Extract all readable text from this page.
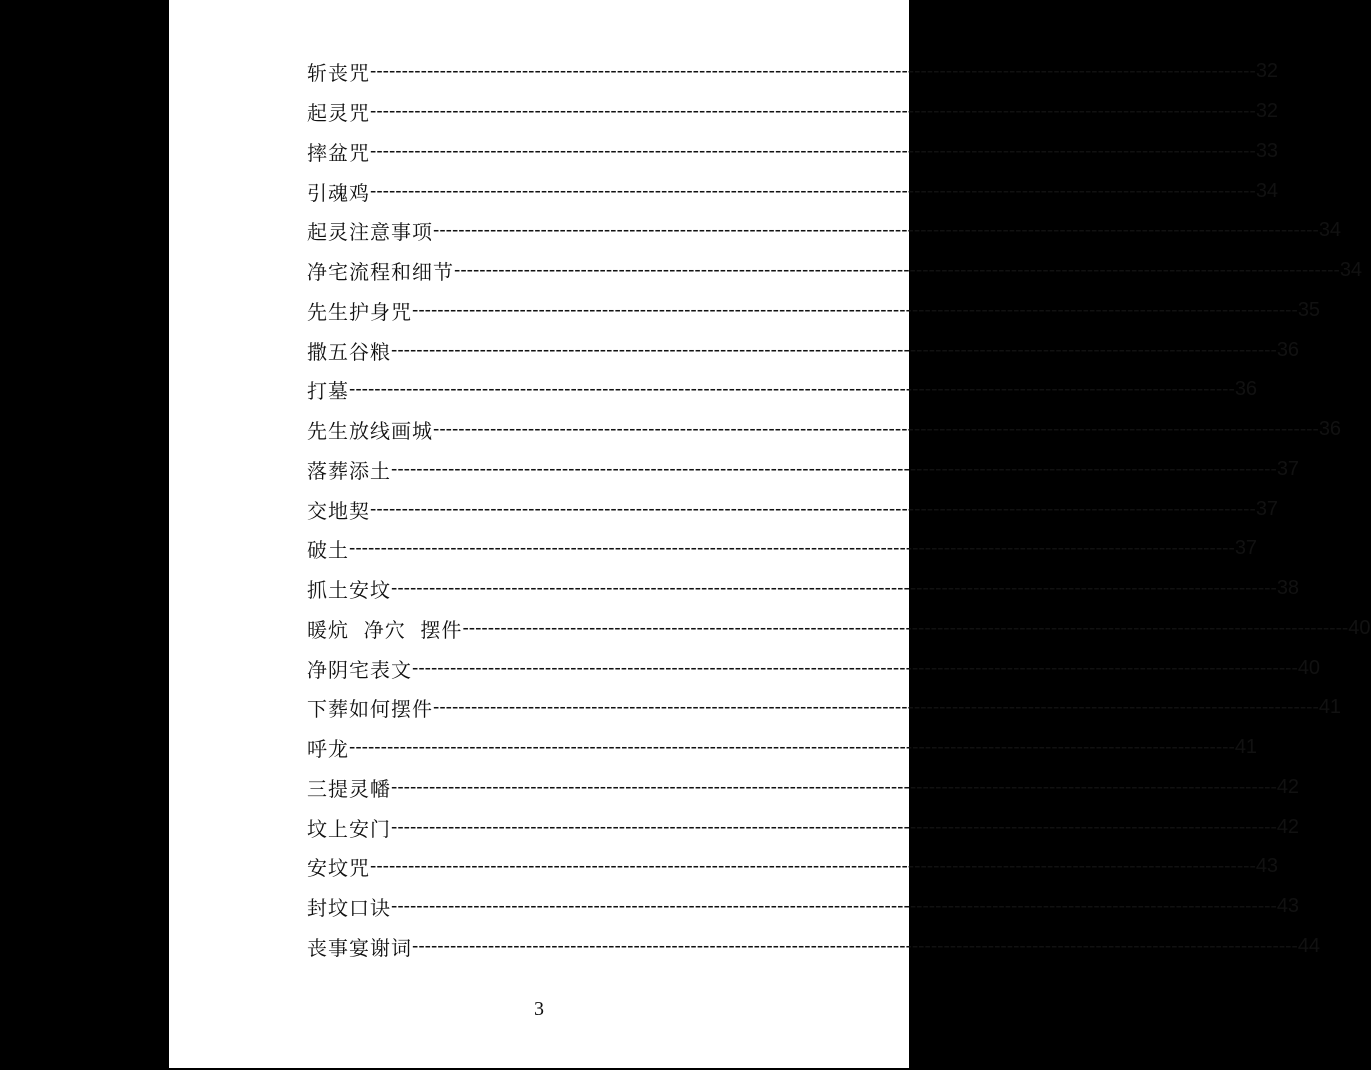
斩丧咒 -------------------------------------------------------------------------------------------------------------------------------------------- 32
起灵咒 -------------------------------------------------------------------------------------------------------------------------------------------- 32
摔盆咒 -------------------------------------------------------------------------------------------------------------------------------------------- 33
引魂鸡 -------------------------------------------------------------------------------------------------------------------------------------------- 34
起灵注意事项 -------------------------------------------------------------------------------------------------------------------------------------------- 34
净宅流程和细节 -------------------------------------------------------------------------------------------------------------------------------------------- 34
先生护身咒 -------------------------------------------------------------------------------------------------------------------------------------------- 35
撒五谷粮 -------------------------------------------------------------------------------------------------------------------------------------------- 36
打墓 -------------------------------------------------------------------------------------------------------------------------------------------- 36
先生放线画城 -------------------------------------------------------------------------------------------------------------------------------------------- 36
落葬添土 -------------------------------------------------------------------------------------------------------------------------------------------- 37
交地契 -------------------------------------------------------------------------------------------------------------------------------------------- 37
破土 -------------------------------------------------------------------------------------------------------------------------------------------- 37
抓土安坟 -------------------------------------------------------------------------------------------------------------------------------------------- 38
暖炕  净穴  摆件 -------------------------------------------------------------------------------------------------------------------------------------------- 40
净阴宅表文 -------------------------------------------------------------------------------------------------------------------------------------------- 40
下葬如何摆件 -------------------------------------------------------------------------------------------------------------------------------------------- 41
呼龙 -------------------------------------------------------------------------------------------------------------------------------------------- 41
三提灵幡 -------------------------------------------------------------------------------------------------------------------------------------------- 42
坟上安门 -------------------------------------------------------------------------------------------------------------------------------------------- 42
安坟咒 -------------------------------------------------------------------------------------------------------------------------------------------- 43
封坟口诀 -------------------------------------------------------------------------------------------------------------------------------------------- 43
丧事宴谢词 -------------------------------------------------------------------------------------------------------------------------------------------- 44
3
